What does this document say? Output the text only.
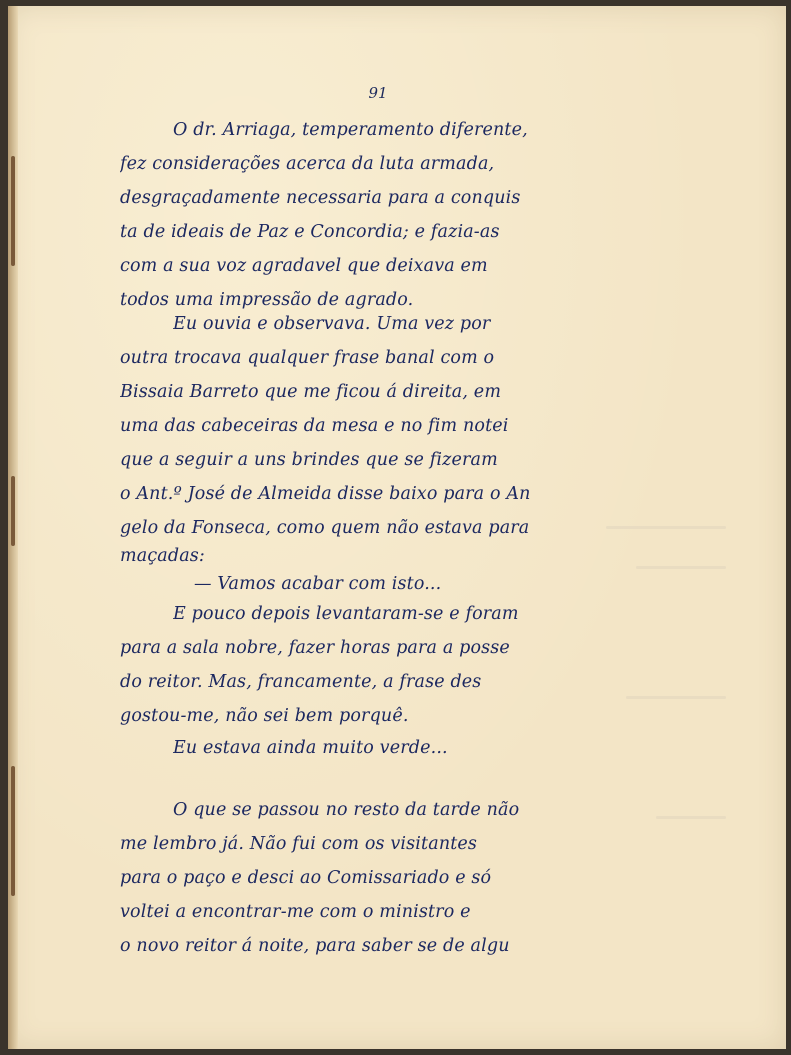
91
O dr. Arriaga, temperamento diferente,
fez considerações acerca da luta armada,
desgraçadamente necessaria para a conquis
ta de ideais de Paz e Concordia; e fazia-as
com a sua voz agradavel que deixava em
todos uma impressão de agrado.
Eu ouvia e observava. Uma vez por
outra trocava qualquer frase banal com o
Bissaia Barreto que me ficou á direita, em
uma das cabeceiras da mesa e no fim notei
que a seguir a uns brindes que se fizeram
o Ant.º José de Almeida disse baixo para o An
gelo da Fonseca, como quem não estava para
maçadas:
— Vamos acabar com isto...
E pouco depois levantaram-se e foram
para a sala nobre, fazer horas para a posse
do reitor. Mas, francamente, a frase des
gostou-me, não sei bem porquê.
Eu estava ainda muito verde...
O que se passou no resto da tarde não
me lembro já. Não fui com os visitantes
para o paço e desci ao Comissariado e só
voltei a encontrar-me com o ministro e
o novo reitor á noite, para saber se de algu
